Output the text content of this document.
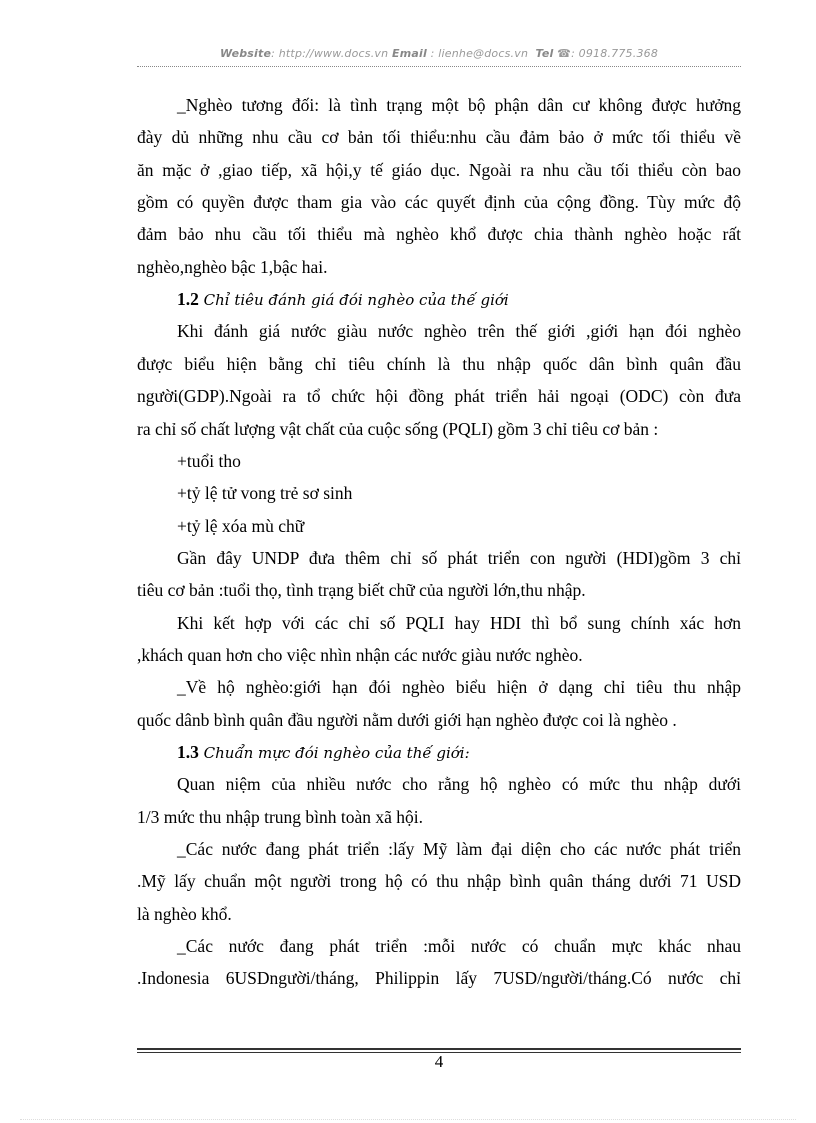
Website: http://www.docs.vn Email : lienhe@docs.vn Tel ☎: 0918.775.368
_Nghèo tương đối: là tình trạng một bộ phận dân cư không được hưởng
đày dủ những nhu cầu cơ bản tối thiểu:nhu cầu đảm bảo ở mức tối thiểu về
ăn mặc ở ,giao tiếp, xã hội,y tế giáo dục. Ngoài ra nhu cầu tối thiểu còn bao
gồm có quyền được tham gia vào các quyết định của cộng đồng. Tùy mức độ
đảm bảo nhu cầu tối thiểu mà nghèo khổ được chia thành nghèo hoặc rất
nghèo,nghèo bậc 1,bậc hai.
1.2 Chỉ tiêu đánh giá đói nghèo của thế giới
Khi đánh giá nước giàu nước nghèo trên thế giới ,giới hạn đói nghèo
được biểu hiện bằng chỉ tiêu chính là thu nhập quốc dân bình quân đầu
người(GDP).Ngoài ra tổ chức hội đồng phát triển hải ngoại (ODC) còn đưa
ra chỉ số chất lượng vật chất của cuộc sống (PQLI) gồm 3 chỉ tiêu cơ bản :
+tuổi tho
+tỷ lệ tử vong trẻ sơ sinh
+tỷ lệ xóa mù chữ
Gần đây UNDP đưa thêm chỉ số phát triển con người (HDI)gồm 3 chỉ
tiêu cơ bản :tuổi thọ, tình trạng biết chữ của người lớn,thu nhập.
Khi kết hợp với các chỉ số PQLI hay HDI thì bổ sung chính xác hơn
,khách quan hơn cho việc nhìn nhận các nước giàu nước nghèo.
_Về hộ nghèo:giới hạn đói nghèo biểu hiện ở dạng chỉ tiêu thu nhập
quốc dânb bình quân đầu người nằm dưới giới hạn nghèo được coi là nghèo .
1.3 Chuẩn mực đói nghèo của thế giới:
Quan niệm của nhiều nước cho rằng hộ nghèo có mức thu nhập dưới
1/3 mức thu nhập trung bình toàn xã hội.
_Các nước đang phát triển :lấy Mỹ làm đại diện cho các nước phát triển
.Mỹ lấy chuẩn một người trong hộ có thu nhập bình quân tháng dưới 71 USD
là nghèo khổ.
_Các nước đang phát triển :mỗi nước có chuẩn mực khác nhau
.Indonesia 6USDngười/tháng, Philippin lấy 7USD/người/tháng.Có nước chỉ
4
